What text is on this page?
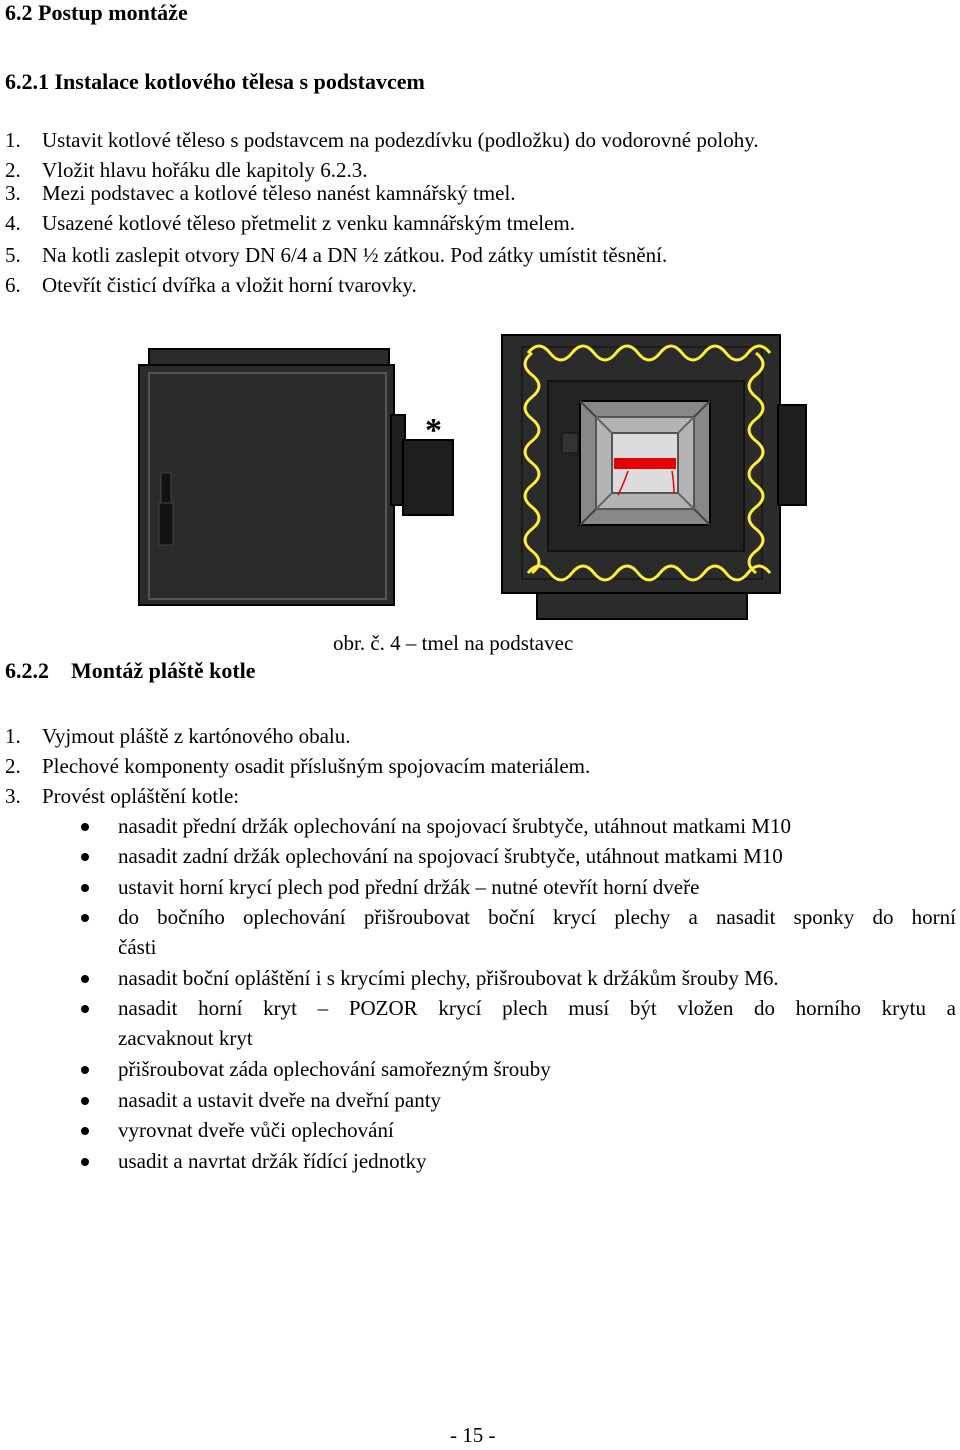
6.2 Postup montáže
6.2.1 Instalace kotlového tělesa s podstavcem
1. Ustavit kotlové těleso s podstavcem na podezdívku (podložku) do vodorovné polohy.
2. Vložit hlavu hořáku dle kapitoly 6.2.3.
3. Mezi podstavec a kotlové těleso nanést kamnářský tmel.
4. Usazené kotlové těleso přetmelit z venku kamnářským tmelem.
5. Na kotli zaslepit otvory DN 6/4 a DN ½ zátkou. Pod zátky umístit těsnění.
6. Otevřít čisticí dvířka a vložit horní tvarovky.
*
obr. č. 4 – tmel na podstavec
6.2.2    Montáž pláště kotle
1. Vyjmout pláště z kartónového obalu.
2. Plechové komponenty osadit příslušným spojovacím materiálem.
3. Provést opláštění kotle:
nasadit přední držák oplechování na spojovací šrubtyče, utáhnout matkami M10
nasadit zadní držák oplechování na spojovací šrubtyče, utáhnout matkami M10
ustavit horní krycí plech pod přední držák – nutné otevřít horní dveře
do bočního oplechování přišroubovat boční krycí plechy a nasadit sponky do horní
části
nasadit boční opláštění i s krycími plechy, přišroubovat k držákům šrouby M6.
nasadit horní kryt – POZOR krycí plech musí být vložen do horního krytu a
zacvaknout kryt
přišroubovat záda oplechování samořezným šrouby
nasadit a ustavit dveře na dveřní panty
vyrovnat dveře vůči oplechování
usadit a navrtat držák řídící jednotky
- 15 -
